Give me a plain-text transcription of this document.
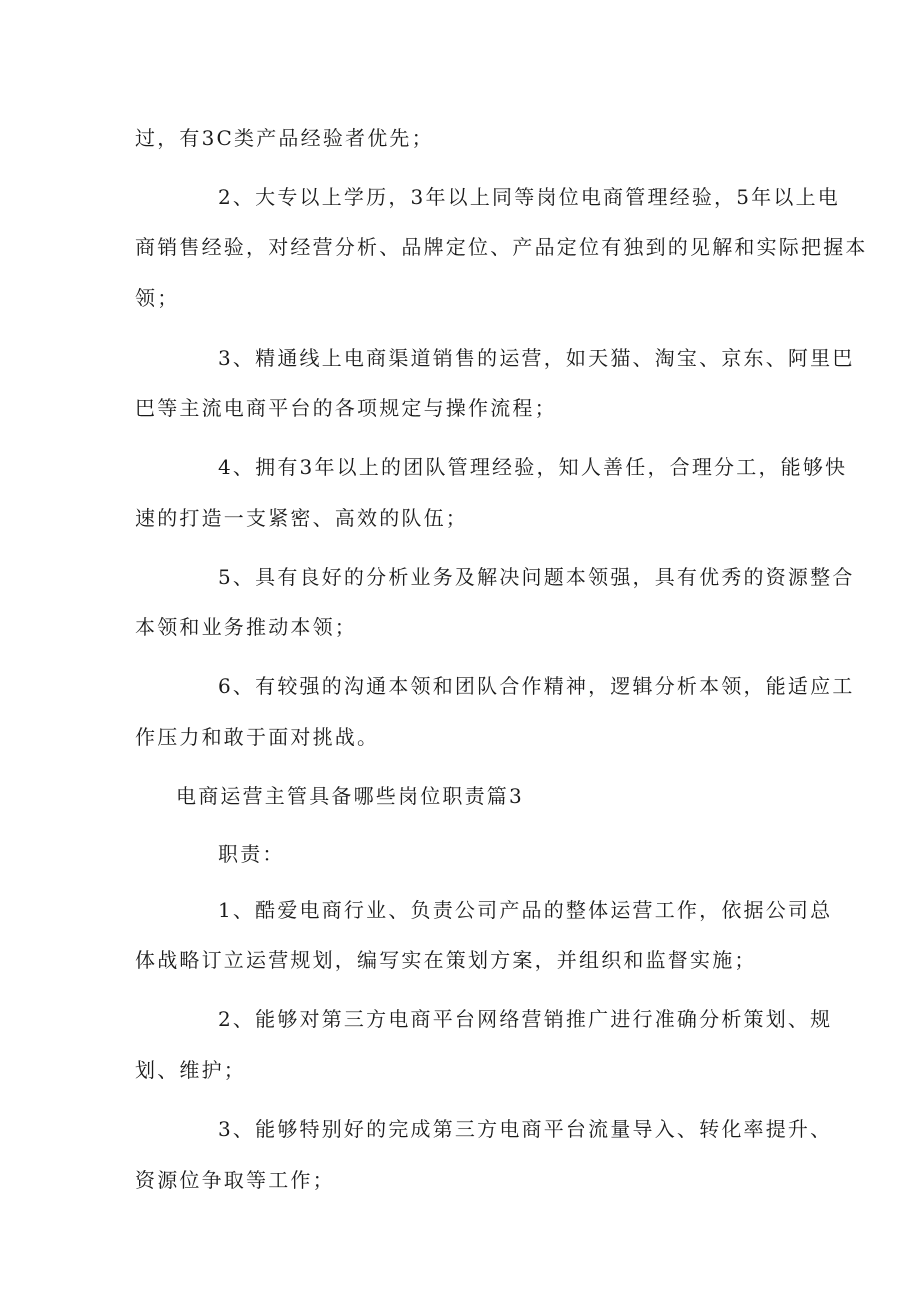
过，有3C类产品经验者优先；
2、大专以上学历，3年以上同等岗位电商管理经验，5年以上电
商销售经验，对经营分析、品牌定位、产品定位有独到的见解和实际把握本
领；
3、精通线上电商渠道销售的运营，如天猫、淘宝、京东、阿里巴
巴等主流电商平台的各项规定与操作流程；
4、拥有3年以上的团队管理经验，知人善任，合理分工，能够快
速的打造一支紧密、高效的队伍；
5、具有良好的分析业务及解决问题本领强，具有优秀的资源整合
本领和业务推动本领；
6、有较强的沟通本领和团队合作精神，逻辑分析本领，能适应工
作压力和敢于面对挑战。
电商运营主管具备哪些岗位职责篇3
职责：
1、酷爱电商行业、负责公司产品的整体运营工作，依据公司总
体战略订立运营规划，编写实在策划方案，并组织和监督实施；
2、能够对第三方电商平台网络营销推广进行准确分析策划、规
划、维护；
3、能够特别好的完成第三方电商平台流量导入、转化率提升、
资源位争取等工作；
